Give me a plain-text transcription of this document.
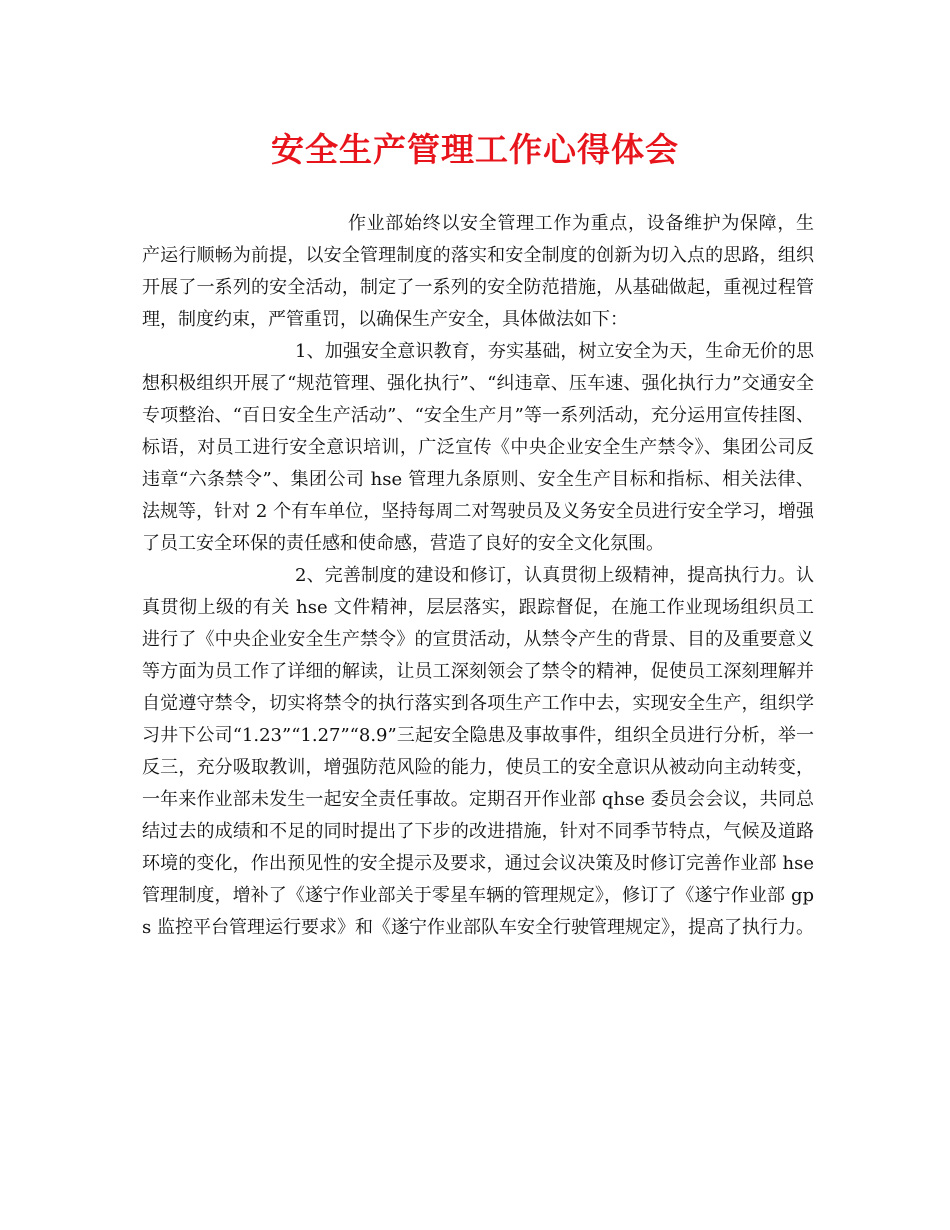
安全生产管理工作心得体会

作业部始终以安全管理工作为重点，设备维护为保障，生产运行顺畅为前提，以安全管理制度的落实和安全制度的创新为切入点的思路，组织开展了一系列的安全活动，制定了一系列的安全防范措施，从基础做起，重视过程管理，制度约束，严管重罚，以确保生产安全，具体做法如下：

1、加强安全意识教育，夯实基础，树立安全为天，生命无价的思想积极组织开展了“规范管理、强化执行”、“纠违章、压车速、强化执行力”交通安全专项整治、“百日安全生产活动”、“安全生产月”等一系列活动，充分运用宣传挂图、标语，对员工进行安全意识培训，广泛宣传《中央企业安全生产禁令》、集团公司反违章“六条禁令”、集团公司 hse 管理九条原则、安全生产目标和指标、相关法律、法规等，针对 2 个有车单位，坚持每周二对驾驶员及义务安全员进行安全学习，增强了员工安全环保的责任感和使命感，营造了良好的安全文化氛围。

2、完善制度的建设和修订，认真贯彻上级精神，提高执行力。认真贯彻上级的有关 hse 文件精神，层层落实，跟踪督促，在施工作业现场组织员工进行了《中央企业安全生产禁令》的宣贯活动，从禁令产生的背景、目的及重要意义等方面为员工作了详细的解读，让员工深刻领会了禁令的精神，促使员工深刻理解并自觉遵守禁令，切实将禁令的执行落实到各项生产工作中去，实现安全生产，组织学习井下公司“1.23”“1.27”“8.9”三起安全隐患及事故事件，组织全员进行分析，举一反三，充分吸取教训，增强防范风险的能力，使员工的安全意识从被动向主动转变，一年来作业部未发生一起安全责任事故。定期召开作业部 qhse 委员会会议，共同总结过去的成绩和不足的同时提出了下步的改进措施，针对不同季节特点，气候及道路环境的变化，作出预见性的安全提示及要求，通过会议决策及时修订完善作业部 hse 管理制度，增补了《遂宁作业部关于零星车辆的管理规定》，修订了《遂宁作业部 gps 监控平台管理运行要求》和《遂宁作业部队车安全行驶管理规定》，提高了执行力。
